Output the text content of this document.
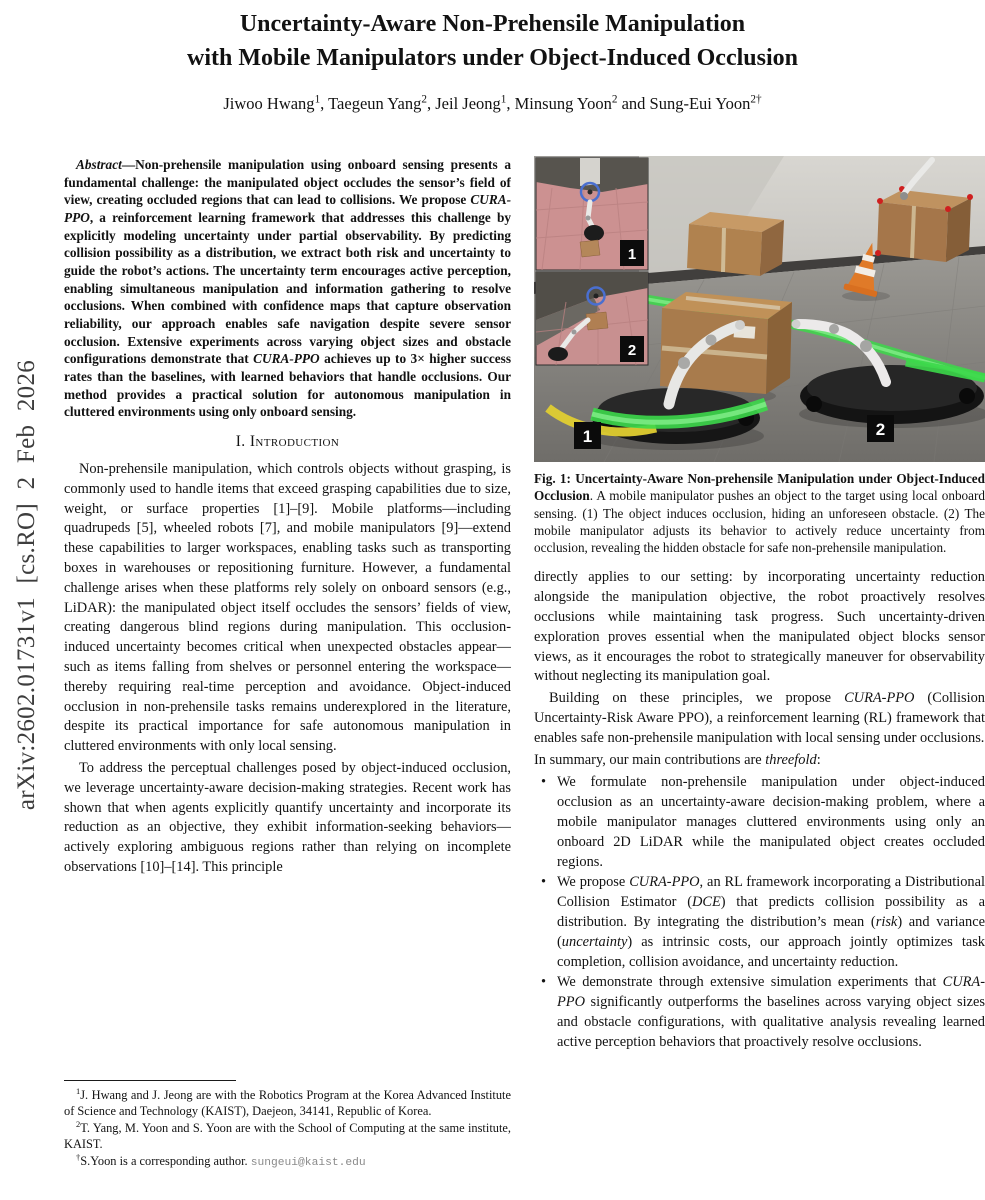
arXiv:2602.01731v1 [cs.RO] 2 Feb 2026
Uncertainty-Aware Non-Prehensile Manipulation
with Mobile Manipulators under Object-Induced Occlusion
Jiwoo Hwang$^1$, Taegeun Yang$^2$, Jeil Jeong$^1$, Minsung Yoon$^2$ and Sung-Eui Yoon$^{2\dagger}$

Abstract—Non-prehensile manipulation using onboard sensing presents a fundamental challenge: the manipulated object occludes the sensor’s field of view, creating occluded regions that can lead to collisions. We propose CURA-PPO, a reinforcement learning framework that addresses this challenge by explicitly modeling uncertainty under partial observability. By predicting collision possibility as a distribution, we extract both risk and uncertainty to guide the robot’s actions. The uncertainty term encourages active perception, enabling simultaneous manipulation and information gathering to resolve occlusions. When combined with confidence maps that capture observation reliability, our approach enables safe navigation despite severe sensor occlusion. Extensive experiments across varying object sizes and obstacle configurations demonstrate that CURA-PPO achieves up to 3× higher success rates than the baselines, with learned behaviors that handle occlusions. Our method provides a practical solution for autonomous manipulation in cluttered environments using only onboard sensing.

I. Introduction

Non-prehensile manipulation, which controls objects without grasping, is commonly used to handle items that exceed grasping capabilities due to size, weight, or surface properties [1]–[9]. Mobile platforms—including quadrupeds [5], wheeled robots [7], and mobile manipulators [9]—extend these capabilities to larger workspaces, enabling tasks such as transporting boxes in warehouses or repositioning furniture. However, a fundamental challenge arises when these platforms rely solely on onboard sensors (e.g., LiDAR): the manipulated object itself occludes the sensors’ fields of view, creating dangerous blind regions during manipulation. This occlusion-induced uncertainty becomes critical when unexpected obstacles appear—such as items falling from shelves or personnel entering the workspace—thereby requiring real-time perception and avoidance. Object-induced occlusion in non-prehensile tasks remains underexplored in the literature, despite its practical importance for safe autonomous manipulation in cluttered environments with only local sensing.

To address the perceptual challenges posed by object-induced occlusion, we leverage uncertainty-aware decision-making strategies. Recent work has shown that when agents explicitly quantify uncertainty and incorporate its reduction as an objective, they exhibit information-seeking behaviors—actively exploring ambiguous regions rather than relying on incomplete observations [10]–[14]. This principle

$^1$J. Hwang and J. Jeong are with the Robotics Program at the Korea Advanced Institute of Science and Technology (KAIST), Daejeon, 34141, Republic of Korea.

$^2$T. Yang, M. Yoon and S. Yoon are with the School of Computing at the same institute, KAIST.

†S.Yoon is a corresponding author. sungeui@kaist.edu

1	2
1
2
Fig. 1: Uncertainty-Aware Non-prehensile Manipulation under Object-Induced Occlusion. A mobile manipulator pushes an object to the target using local onboard sensing. (1) The object induces occlusion, hiding an unforeseen obstacle. (2) The mobile manipulator adjusts its behavior to actively reduce uncertainty from occlusion, revealing the hidden obstacle for safe non-prehensile manipulation.

directly applies to our setting: by incorporating uncertainty reduction alongside the manipulation objective, the robot proactively resolves occlusions while maintaining task progress. Such uncertainty-driven exploration proves essential when the manipulated object blocks sensor views, as it encourages the robot to strategically maneuver for observability without neglecting its manipulation goal.

Building on these principles, we propose CURA-PPO (Collision Uncertainty-Risk Aware PPO), a reinforcement learning (RL) framework that enables safe non-prehensile manipulation with local sensing under occlusions.

In summary, our main contributions are threefold:

• We formulate non-prehensile manipulation under object-induced occlusion as an uncertainty-aware decision-making problem, where a mobile manipulator manages cluttered environments using only an onboard 2D LiDAR while the manipulated object creates occluded regions.
• We propose CURA-PPO, an RL framework incorporating a Distributional Collision Estimator (DCE) that predicts collision possibility as a distribution. By integrating the distribution’s mean (risk) and variance (uncertainty) as intrinsic costs, our approach jointly optimizes task completion, collision avoidance, and uncertainty reduction.
• We demonstrate through extensive simulation experiments that CURA-PPO significantly outperforms the baselines across varying object sizes and obstacle configurations, with qualitative analysis revealing learned active perception behaviors that proactively resolve occlusions.
